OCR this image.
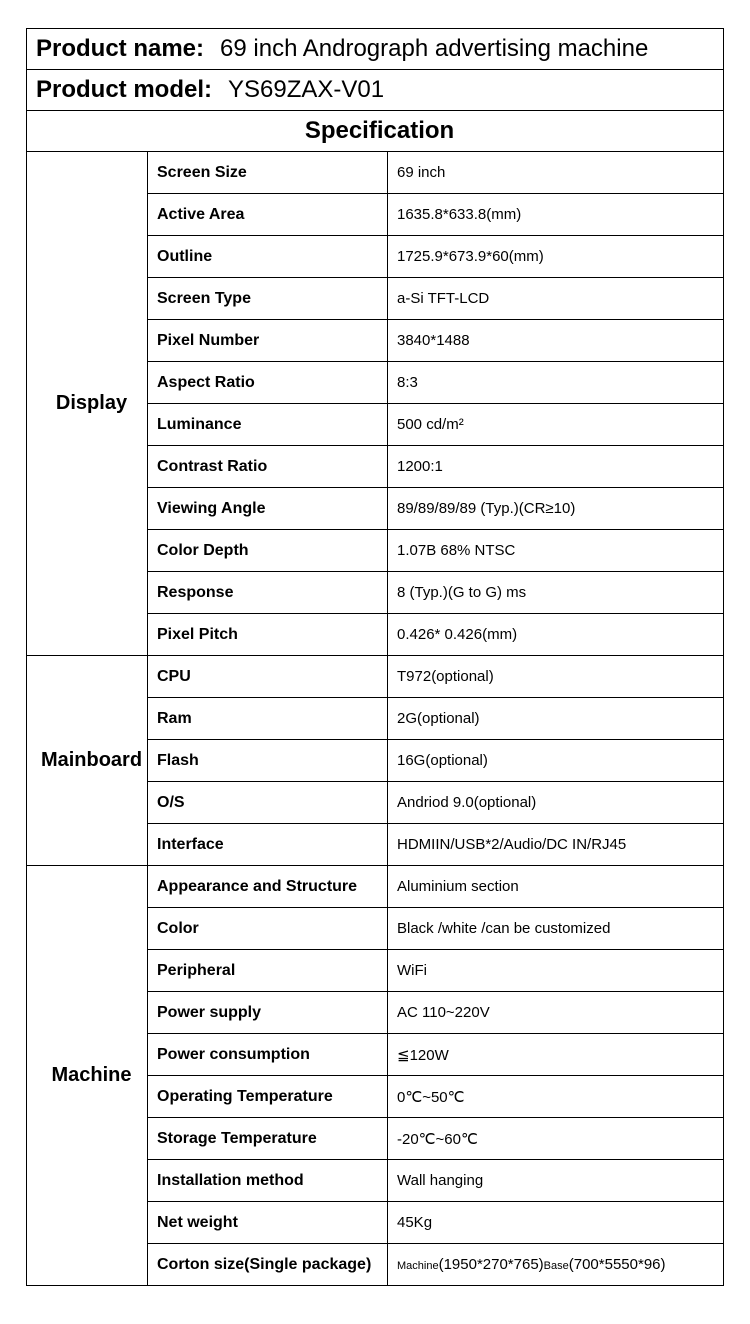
Product name: 69 inch Andrograph advertising machine		
Product model: YS69ZAX-V01		
Specification		
Display	Screen Size	69 inch
	Active Area	1635.8*633.8(mm)
	Outline	1725.9*673.9*60(mm)
	Screen Type	a-Si TFT-LCD
	Pixel Number	3840*1488
	Aspect Ratio	8:3
	Luminance	500 cd/m²
	Contrast Ratio	1200:1
	Viewing Angle	89/89/89/89 (Typ.)(CR≥10)
	Color Depth	1.07B 68% NTSC
	Response	8 (Typ.)(G to G) ms
	Pixel Pitch	0.426* 0.426(mm)
Mainboard	CPU	T972(optional)
	Ram	2G(optional)
	Flash	16G(optional)
	O/S	Andriod 9.0(optional)
	Interface	HDMIIN/USB*2/Audio/DC IN/RJ45
Machine	Appearance and Structure	Aluminium section
	Color	Black /white /can be customized
	Peripheral	WiFi
	Power supply	AC 110~220V
	Power consumption	≦120W
	Operating Temperature	0℃~50℃
	Storage Temperature	-20℃~60℃
	Installation method	Wall hanging
	Net weight	45Kg
	Corton size(Single package)	Machine(1950*270*765)Base(700*5550*96)
